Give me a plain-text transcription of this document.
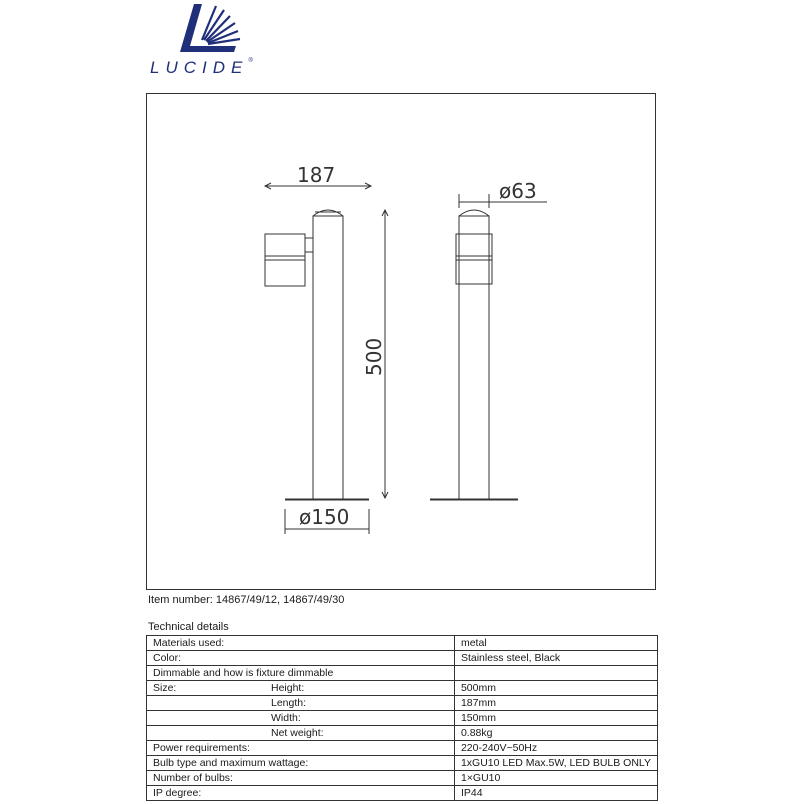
LUCIDE®
187
500
ø150
ø63
Item number: 14867/49/12, 14867/49/30
Technical details
Materials used:	metal
Color:	Stainless steel, Black
Dimmable and how is fixture dimmable	

Size: Height:	500mm
Length:	187mm
Width:	150mm
Net weight:	0.88kg
Power requirements:	220-240V~50Hz
Bulb type and maximum wattage:	1xGU10 LED Max.5W, LED BULB ONLY
Number of bulbs:	1×GU10
IP degree:	IP44
